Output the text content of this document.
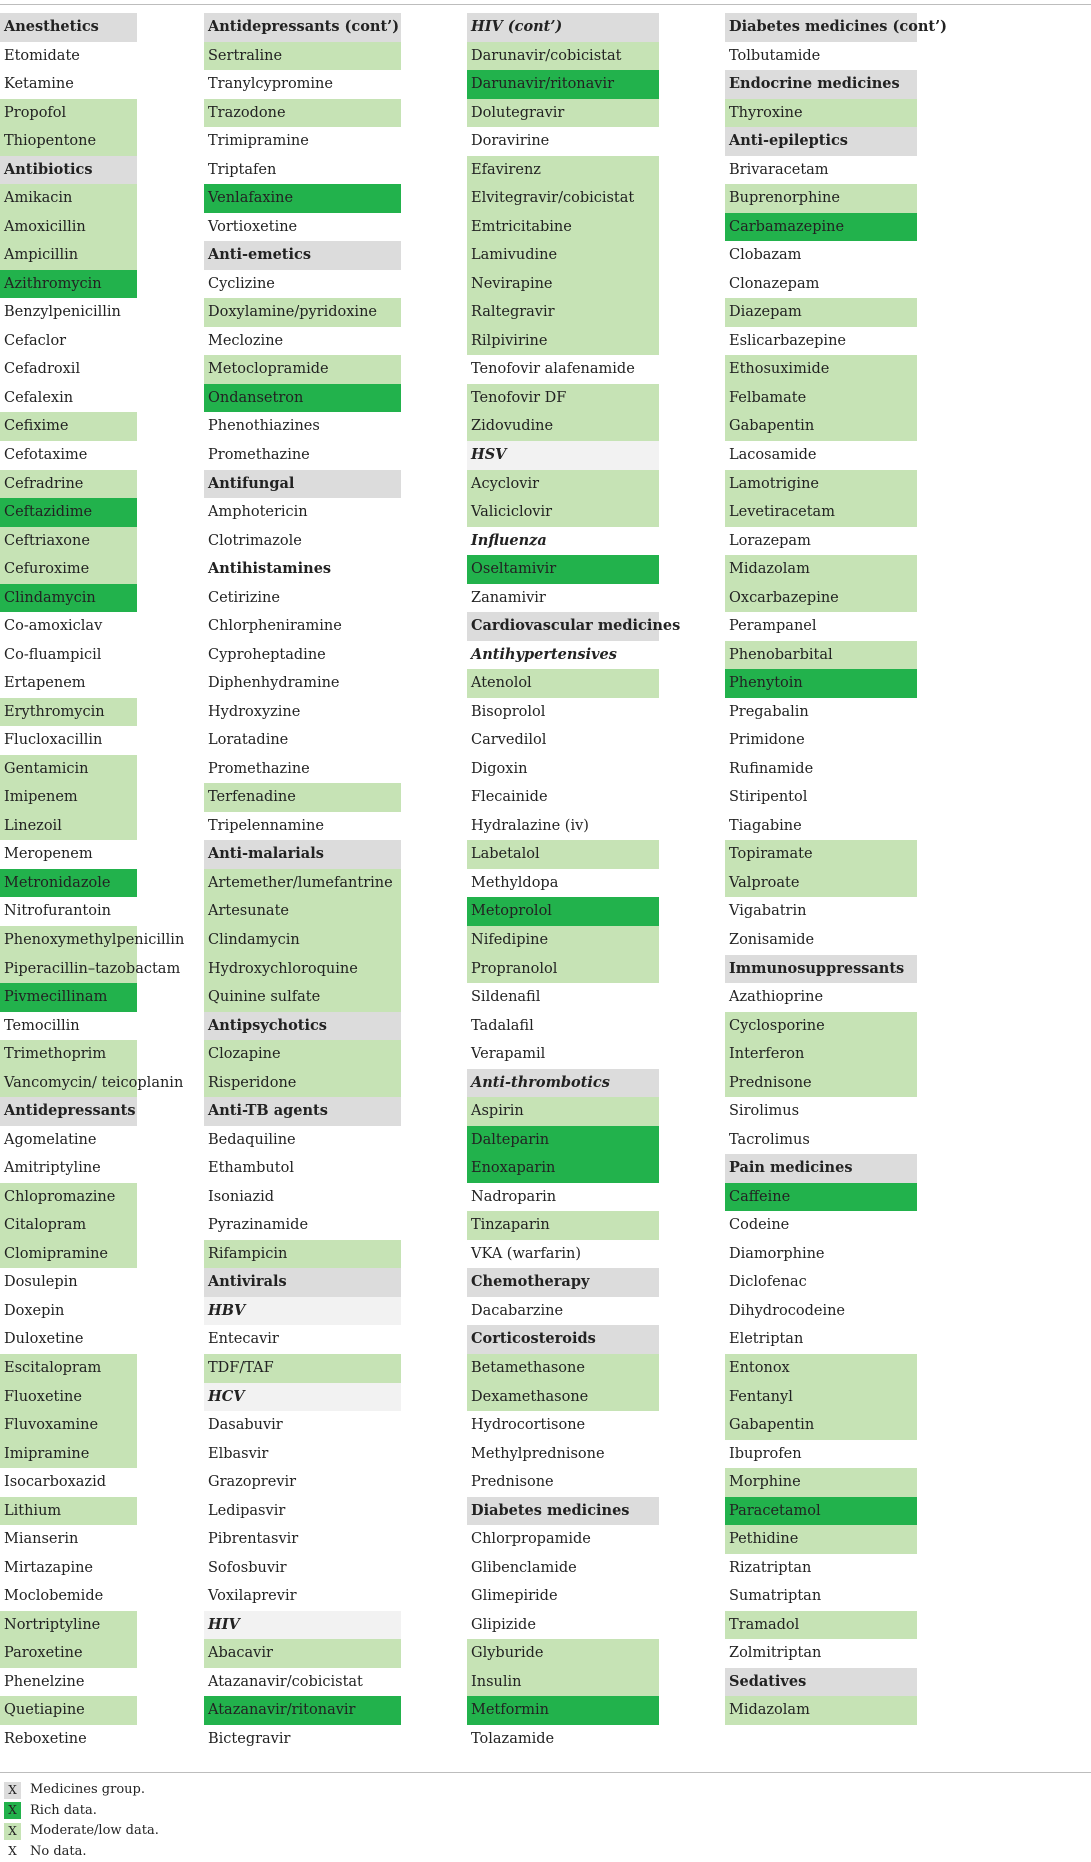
Anesthetics
Etomidate
Ketamine
Propofol
Thiopentone
Antibiotics
Amikacin
Amoxicillin
Ampicillin
Azithromycin
Benzylpenicillin
Cefaclor
Cefadroxil
Cefalexin
Cefixime
Cefotaxime
Cefradrine
Ceftazidime
Ceftriaxone
Cefuroxime
Clindamycin
Co-amoxiclav
Co-fluampicil
Ertapenem
Erythromycin
Flucloxacillin
Gentamicin
Imipenem
Linezoil
Meropenem
Metronidazole
Nitrofurantoin
Phenoxymethylpenicillin
Piperacillin–tazobactam
Pivmecillinam
Temocillin
Trimethoprim
Vancomycin/ teicoplanin
Antidepressants
Agomelatine
Amitriptyline
Chlopromazine
Citalopram
Clomipramine
Dosulepin
Doxepin
Duloxetine
Escitalopram
Fluoxetine
Fluvoxamine
Imipramine
Isocarboxazid
Lithium
Mianserin
Mirtazapine
Moclobemide
Nortriptyline
Paroxetine
Phenelzine
Quetiapine
Reboxetine
Antidepressants (cont’)
Sertraline
Tranylcypromine
Trazodone
Trimipramine
Triptafen
Venlafaxine
Vortioxetine
Anti-emetics
Cyclizine
Doxylamine/pyridoxine
Meclozine
Metoclopramide
Ondansetron
Phenothiazines
Promethazine
Antifungal
Amphotericin
Clotrimazole
Antihistamines
Cetirizine
Chlorpheniramine
Cyproheptadine
Diphenhydramine
Hydroxyzine
Loratadine
Promethazine
Terfenadine
Tripelennamine
Anti-malarials
Artemether/lumefantrine
Artesunate
Clindamycin
Hydroxychloroquine
Quinine sulfate
Antipsychotics
Clozapine
Risperidone
Anti-TB agents
Bedaquiline
Ethambutol
Isoniazid
Pyrazinamide
Rifampicin
Antivirals
HBV
Entecavir
TDF/TAF
HCV
Dasabuvir
Elbasvir
Grazoprevir
Ledipasvir
Pibrentasvir
Sofosbuvir
Voxilaprevir
HIV
Abacavir
Atazanavir/cobicistat
Atazanavir/ritonavir
Bictegravir
HIV (cont’)
Darunavir/cobicistat
Darunavir/ritonavir
Dolutegravir
Doravirine
Efavirenz
Elvitegravir/cobicistat
Emtricitabine
Lamivudine
Nevirapine
Raltegravir
Rilpivirine
Tenofovir alafenamide
Tenofovir DF
Zidovudine
HSV
Acyclovir
Valiciclovir
Influenza
Oseltamivir
Zanamivir
Cardiovascular medicines
Antihypertensives
Atenolol
Bisoprolol
Carvedilol
Digoxin
Flecainide
Hydralazine (iv)
Labetalol
Methyldopa
Metoprolol
Nifedipine
Propranolol
Sildenafil
Tadalafil
Verapamil
Anti-thrombotics
Aspirin
Dalteparin
Enoxaparin
Nadroparin
Tinzaparin
VKA (warfarin)
Chemotherapy
Dacabarzine
Corticosteroids
Betamethasone
Dexamethasone
Hydrocortisone
Methylprednisone
Prednisone
Diabetes medicines
Chlorpropamide
Glibenclamide
Glimepiride
Glipizide
Glyburide
Insulin
Metformin
Tolazamide
Diabetes medicines (cont’)
Tolbutamide
Endocrine medicines
Thyroxine
Anti-epileptics
Brivaracetam
Buprenorphine
Carbamazepine
Clobazam
Clonazepam
Diazepam
Eslicarbazepine
Ethosuximide
Felbamate
Gabapentin
Lacosamide
Lamotrigine
Levetiracetam
Lorazepam
Midazolam
Oxcarbazepine
Perampanel
Phenobarbital
Phenytoin
Pregabalin
Primidone
Rufinamide
Stiripentol
Tiagabine
Topiramate
Valproate
Vigabatrin
Zonisamide
Immunosuppressants
Azathioprine
Cyclosporine
Interferon
Prednisone
Sirolimus
Tacrolimus
Pain medicines
Caffeine
Codeine
Diamorphine
Diclofenac
Dihydrocodeine
Eletriptan
Entonox
Fentanyl
Gabapentin
Ibuprofen
Morphine
Paracetamol
Pethidine
Rizatriptan
Sumatriptan
Tramadol
Zolmitriptan
Sedatives
Midazolam
X	Medicines group.
X	Rich data.
X	Moderate/low data.
X	No data.
